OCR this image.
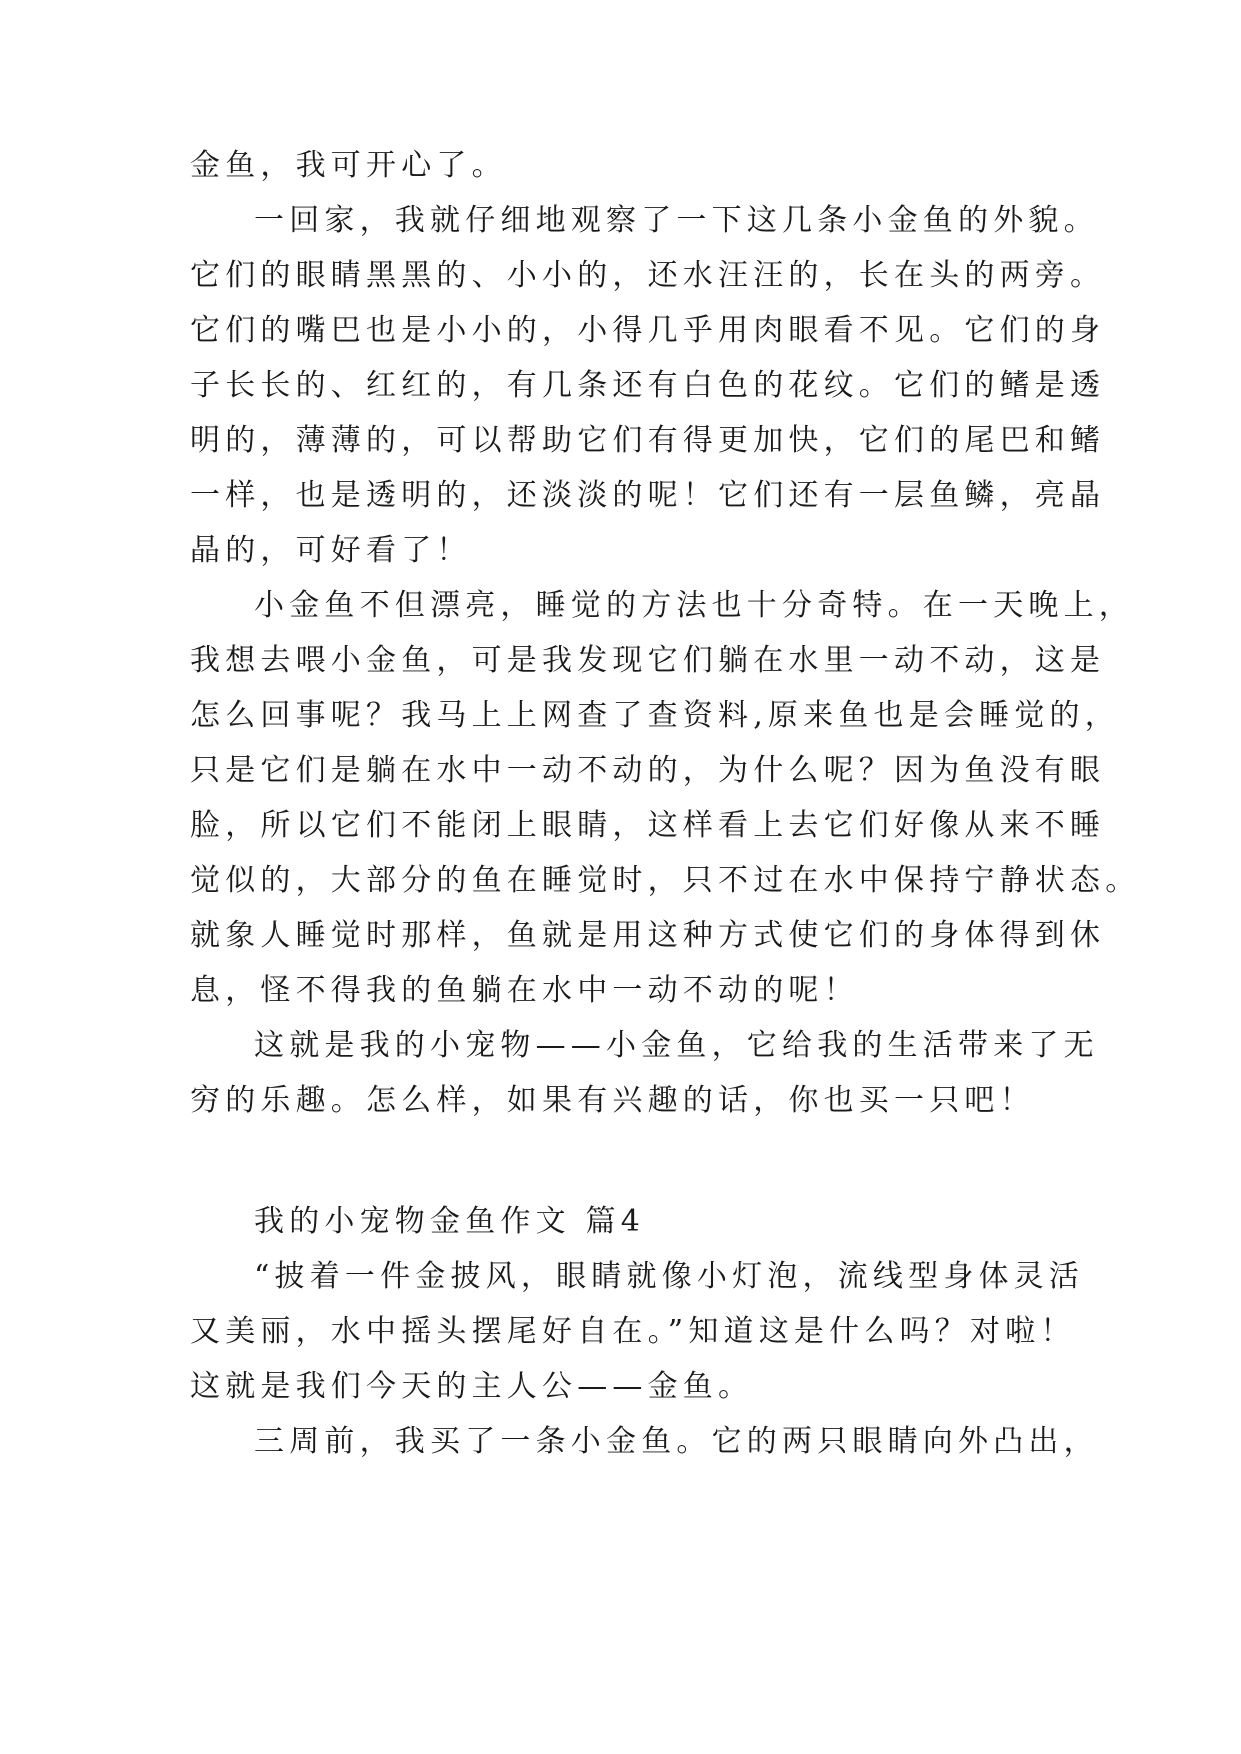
金鱼，我可开心了。
一回家，我就仔细地观察了一下这几条小金鱼的外貌。
它们的眼睛黑黑的、小小的，还水汪汪的，长在头的两旁。
它们的嘴巴也是小小的，小得几乎用肉眼看不见。它们的身
子长长的、红红的，有几条还有白色的花纹。它们的鳍是透
明的，薄薄的，可以帮助它们有得更加快，它们的尾巴和鳍
一样，也是透明的，还淡淡的呢！它们还有一层鱼鳞，亮晶
晶的，可好看了！
小金鱼不但漂亮，睡觉的方法也十分奇特。在一天晚上，
我想去喂小金鱼，可是我发现它们躺在水里一动不动，这是
怎么回事呢？我马上上网查了查资料,原来鱼也是会睡觉的，
只是它们是躺在水中一动不动的，为什么呢？因为鱼没有眼
脸，所以它们不能闭上眼睛，这样看上去它们好像从来不睡
觉似的，大部分的鱼在睡觉时，只不过在水中保持宁静状态。
就象人睡觉时那样，鱼就是用这种方式使它们的身体得到休
息，怪不得我的鱼躺在水中一动不动的呢！
这就是我的小宠物——小金鱼，它给我的生活带来了无
穷的乐趣。怎么样，如果有兴趣的话，你也买一只吧！
我的小宠物金鱼作文 篇4
“披着一件金披风，眼睛就像小灯泡，流线型身体灵活
又美丽，水中摇头摆尾好自在。”知道这是什么吗？对啦！
这就是我们今天的主人公——金鱼。
三周前，我买了一条小金鱼。它的两只眼睛向外凸出，
